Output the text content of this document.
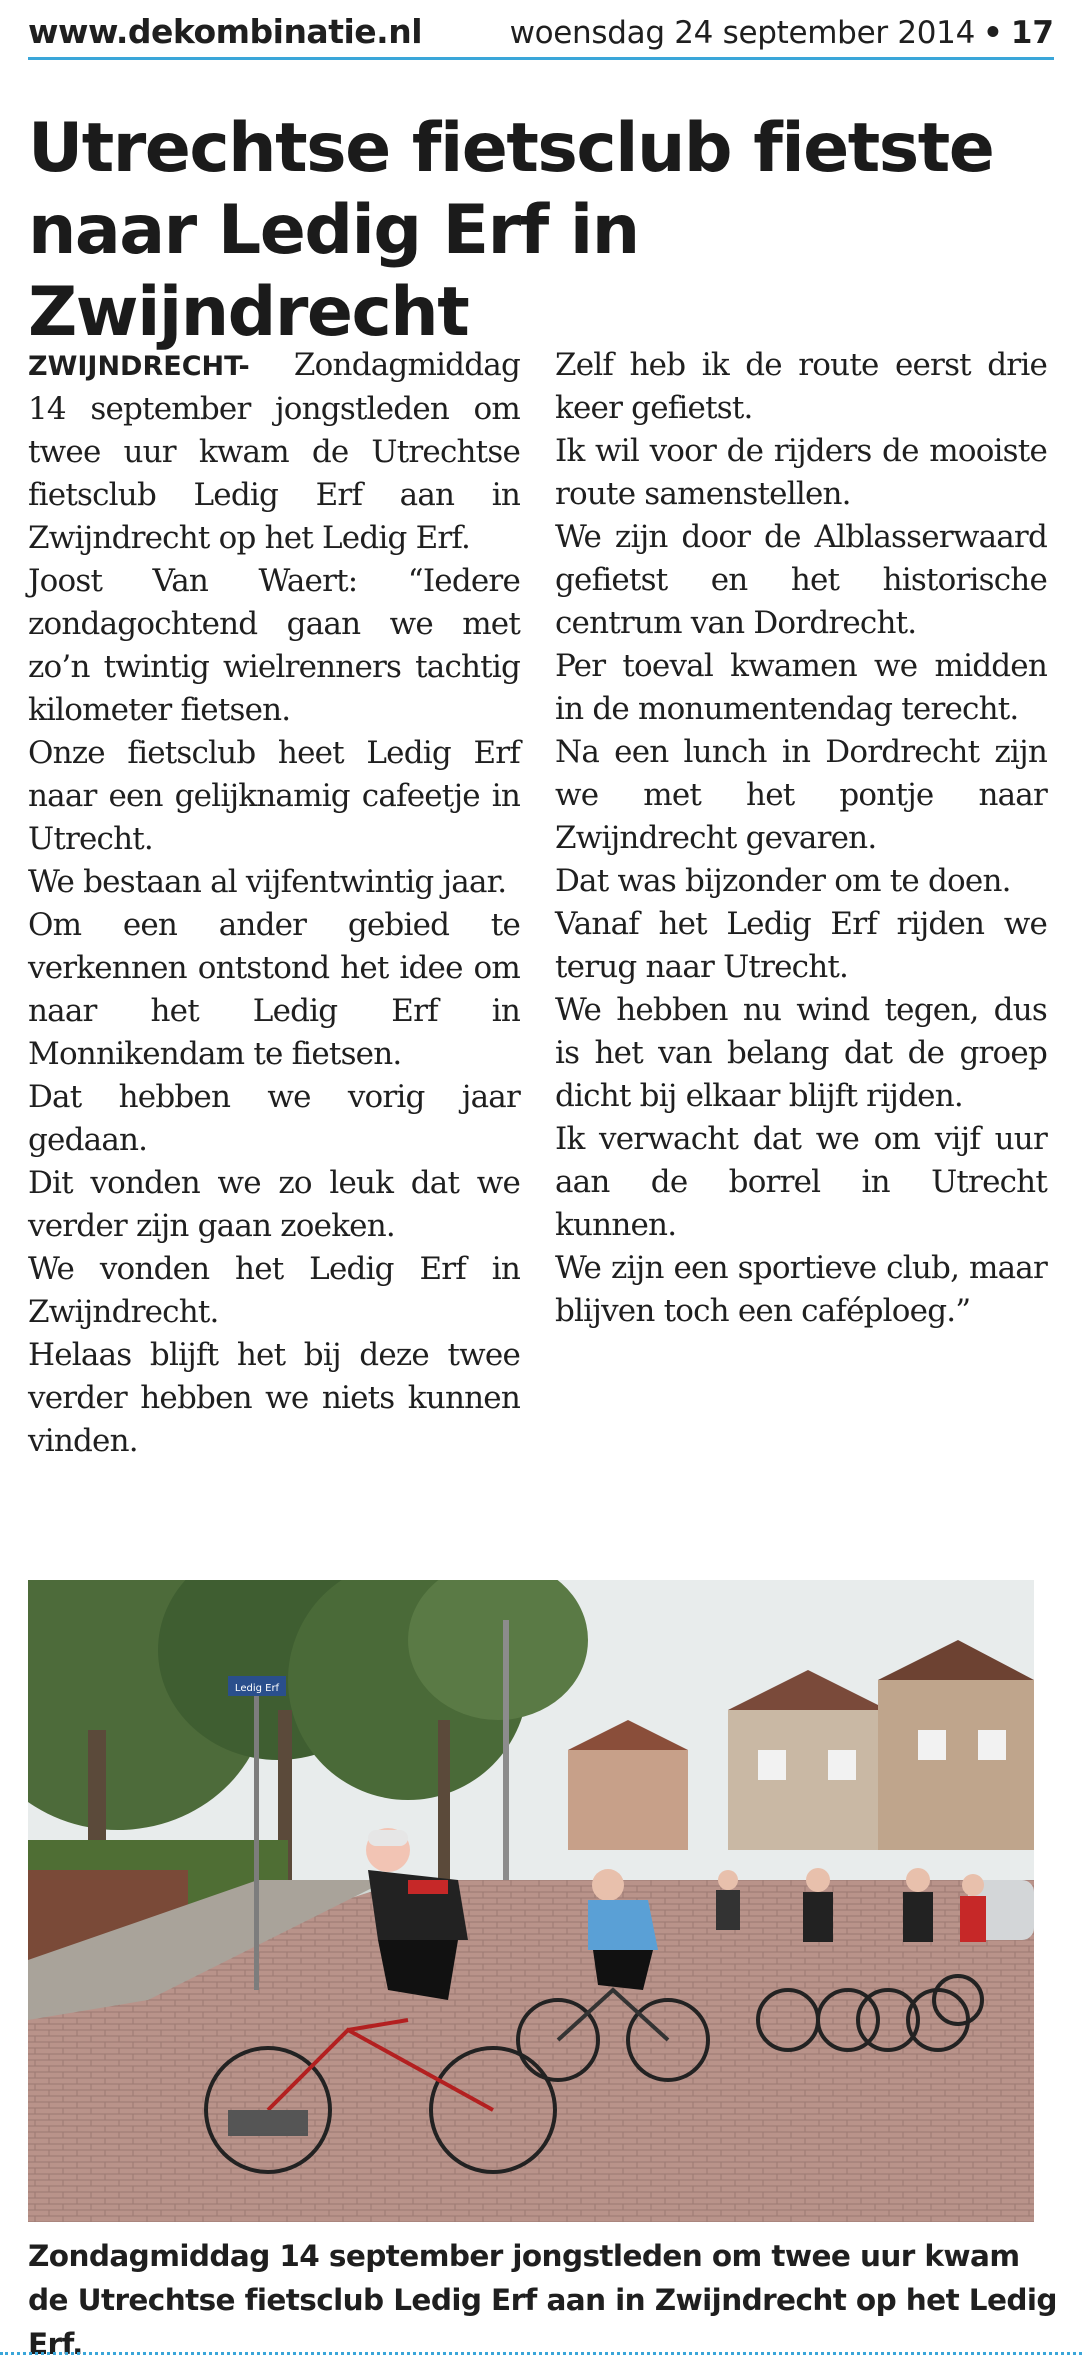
www.dekombinatie.nl	woensdag 24 september 2014 • 17
Utrechtse fietsclub fietste
naar Ledig Erf in Zwijndrecht

ZWIJNDRECHT- Zondagmiddag 14 september jongstleden om twee uur kwam de Utrechtse fietsclub Ledig Erf aan in Zwijndrecht op het Ledig Erf.

Joost Van Waert: “Iedere zondagochtend gaan we met zo’n twintig wielrenners tachtig kilometer fietsen.

Onze fietsclub heet Ledig Erf naar een gelijknamig cafeetje in Utrecht.

We bestaan al vijfentwintig jaar.

Om een ander gebied te verkennen ontstond het idee om naar het Ledig Erf in Monnikendam te fietsen.

Dat hebben we vorig jaar gedaan.

Dit vonden we zo leuk dat we verder zijn gaan zoeken.

We vonden het Ledig Erf in Zwijndrecht.

Helaas blijft het bij deze twee verder hebben we niets kunnen vinden.

Zelf heb ik de route eerst drie keer gefietst.

Ik wil voor de rijders de mooiste route samenstellen.

We zijn door de Alblasserwaard gefietst en het historische centrum van Dordrecht.

Per toeval kwamen we midden in de monumentendag terecht.

Na een lunch in Dordrecht zijn we met het pontje naar Zwijndrecht gevaren.

Dat was bijzonder om te doen.

Vanaf het Ledig Erf rijden we terug naar Utrecht.

We hebben nu wind tegen, dus is het van belang dat de groep dicht bij elkaar blijft rijden.

Ik verwacht dat we om vijf uur aan de borrel in Utrecht kunnen.

We zijn een sportieve club, maar blijven toch een caféploeg.”

Ledig Erf

Zondagmiddag 14 september jongstleden om twee uur kwam de Utrechtse fietsclub Ledig Erf aan in Zwijndrecht op het Ledig Erf.
